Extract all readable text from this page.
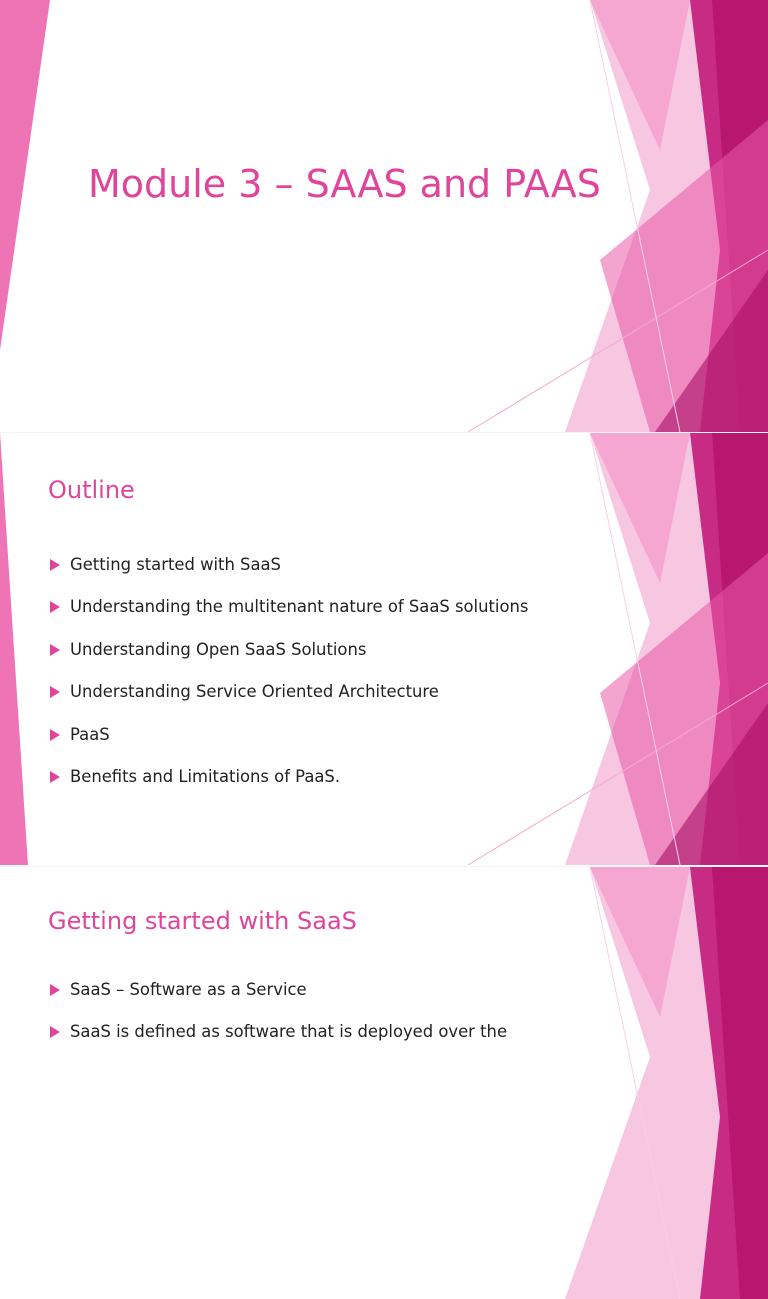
Module 3 – SAAS and PAAS
Outline
Getting started with SaaS
Understanding the multitenant nature of SaaS solutions
Understanding Open SaaS Solutions
Understanding Service Oriented Architecture
PaaS
Benefits and Limitations of PaaS.
Getting started with SaaS
SaaS – Software as a Service
SaaS is defined as software that is deployed over the
